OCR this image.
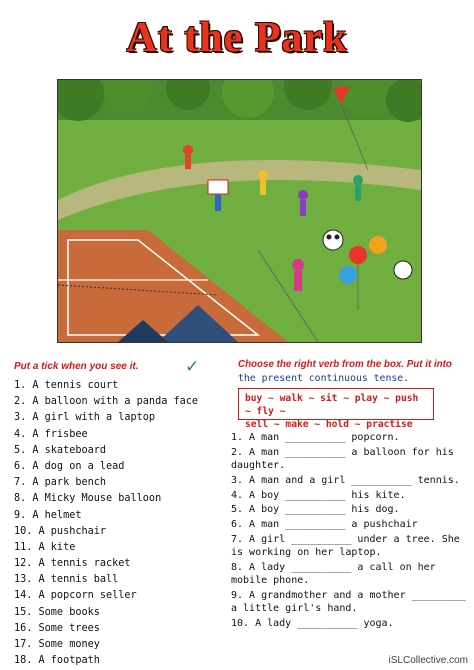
At the Park
Put a tick when you see it.	✓
1. A tennis court
2. A balloon with a panda face
3. A girl with a laptop
4. A frisbee
5. A skateboard
6. A dog on a lead
7. A park bench
8. A Micky Mouse balloon
9. A helmet
10. A pushchair
11. A kite
12. A tennis racket
13. A tennis ball
14. A popcorn seller
15. Some books
16. Some trees
17. Some money
18. A footpath
Choose the right verb from the box. Put it into
the present continuous tense.
buy ~ walk ~ sit ~ play ~ push ~ fly ~
sell ~ make ~ hold ~ practise
1. A man __________ popcorn.
2. A man __________ a balloon for his daughter.
3. A man and a girl __________ tennis.
4. A boy __________ his kite.
5. A boy __________ his dog.
6. A man __________ a pushchair
7. A girl __________ under a tree. She is working on her laptop.
8. A lady __________ a call on her mobile phone.
9. A grandmother and a mother _________ a little girl's hand.
10. A lady __________ yoga.
iSLCollective.com
